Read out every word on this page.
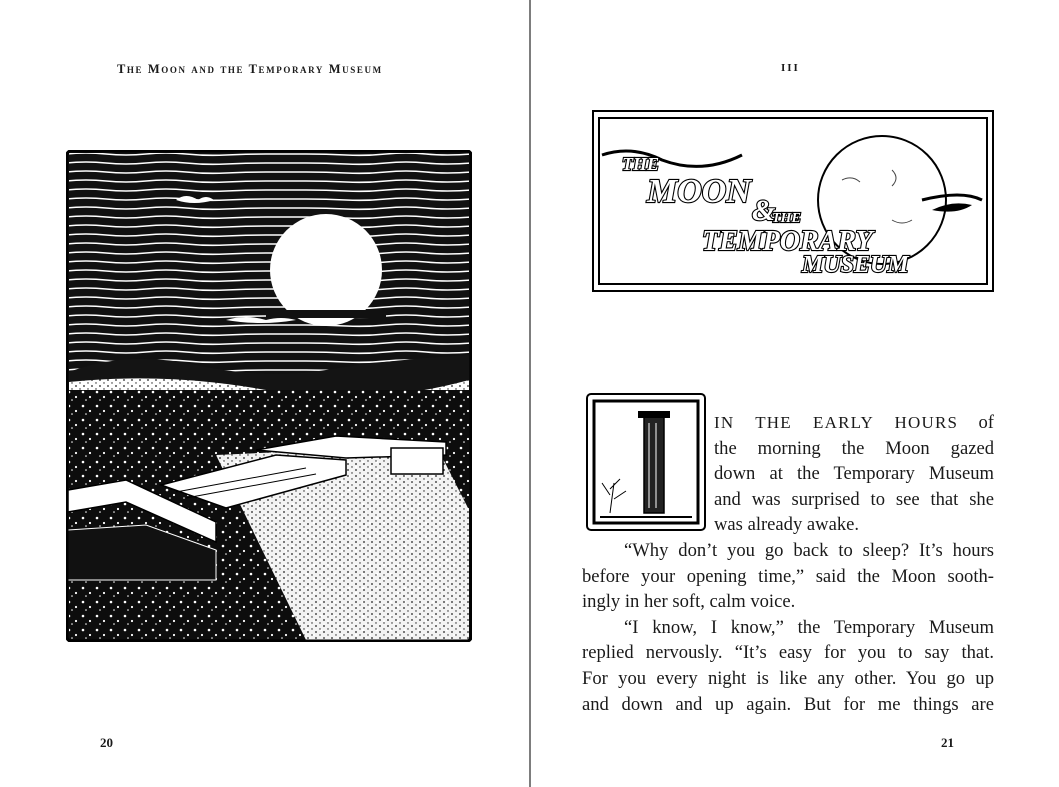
The Moon and the Temporary Museum
20
III
THE
MOON
&
THE
TEMPORARY
MUSEUM
IN THE EARLY HOURS of
the morning the Moon gazed
down at the Temporary Museum
and was surprised to see that she
was already awake.
“Why don’t you go back to sleep? It’s hours
before your opening time,” said the Moon sooth-
ingly in her soft, calm voice.
“I know, I know,” the Temporary Museum
replied nervously. “It’s easy for you to say that.
For you every night is like any other. You go up
and down and up again. But for me things are
21
